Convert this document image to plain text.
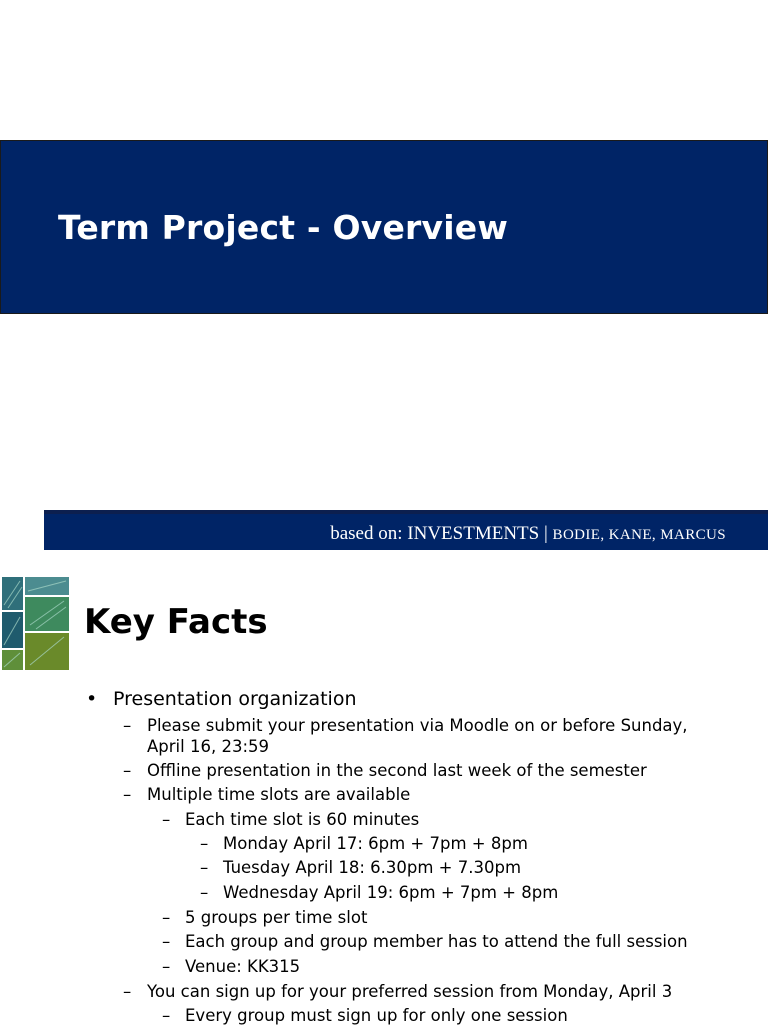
Term Project - Overview
based on: INVESTMENTS | BODIE, KANE, MARCUS
Key Facts
• Presentation organization
– Please submit your presentation via Moodle on or before Sunday,
April 16, 23:59
– Offline presentation in the second last week of the semester
– Multiple time slots are available
– Each time slot is 60 minutes
– Monday April 17: 6pm + 7pm + 8pm
– Tuesday April 18: 6.30pm + 7.30pm
– Wednesday April 19: 6pm + 7pm + 8pm
– 5 groups per time slot
– Each group and group member has to attend the full session
– Venue: KK315
– You can sign up for your preferred session from Monday, April 3
– Every group must sign up for only one session
